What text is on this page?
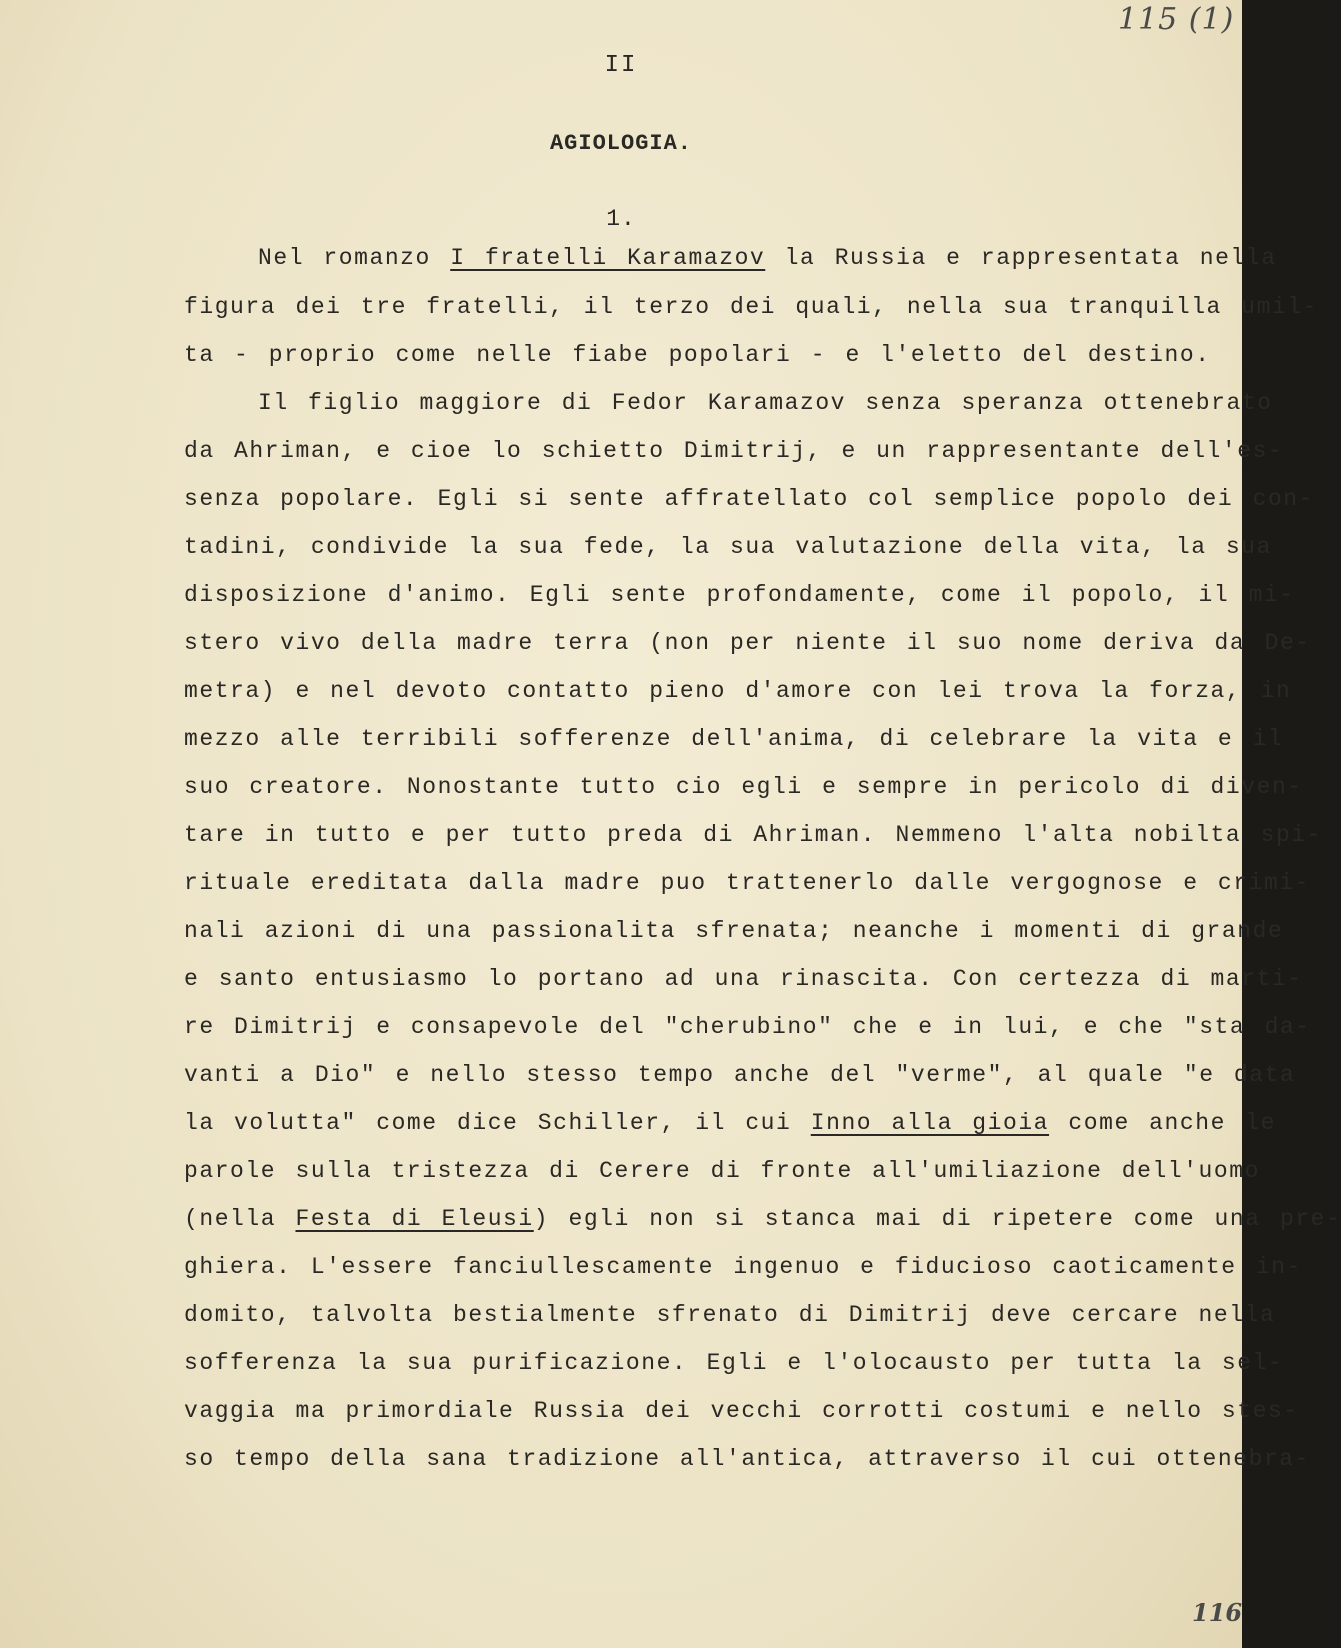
115 (1)
II
AGIOLOGIA.
1.
Nel romanzo I fratelli Karamazov la Russia e rappresentata nella
figura dei tre fratelli, il terzo dei quali, nella sua tranquilla umil-
ta - proprio come nelle fiabe popolari - e l'eletto del destino.
Il figlio maggiore di Fedor Karamazov senza speranza ottenebrato
da Ahriman, e cioe lo schietto Dimitrij, e un rappresentante dell'es-
senza popolare. Egli si sente affratellato col semplice popolo dei con-
tadini, condivide la sua fede, la sua valutazione della vita, la sua
disposizione d'animo. Egli sente profondamente, come il popolo, il mi-
stero vivo della madre terra (non per niente il suo nome deriva da De-
metra) e nel devoto contatto pieno d'amore con lei trova la forza, in
mezzo alle terribili sofferenze dell'anima, di celebrare la vita e il
suo creatore. Nonostante tutto cio egli e sempre in pericolo di diven-
tare in tutto e per tutto preda di Ahriman. Nemmeno l'alta nobilta spi-
rituale ereditata dalla madre puo trattenerlo dalle vergognose e crimi-
nali azioni di una passionalita sfrenata; neanche i momenti di grande
e santo entusiasmo lo portano ad una rinascita. Con certezza di marti-
re Dimitrij e consapevole del "cherubino" che e in lui, e che "sta da-
vanti a Dio" e nello stesso tempo anche del "verme", al quale "e data
la volutta" come dice Schiller, il cui Inno alla gioia come anche le
parole sulla tristezza di Cerere di fronte all'umiliazione dell'uomo
(nella Festa di Eleusi) egli non si stanca mai di ripetere come una pre-
ghiera. L'essere fanciullescamente ingenuo e fiducioso caoticamente in-
domito, talvolta bestialmente sfrenato di Dimitrij deve cercare nella
sofferenza la sua purificazione. Egli e l'olocausto per tutta la sel-
vaggia ma primordiale Russia dei vecchi corrotti costumi e nello stes-
so tempo della sana tradizione all'antica, attraverso il cui ottenebra-
116
